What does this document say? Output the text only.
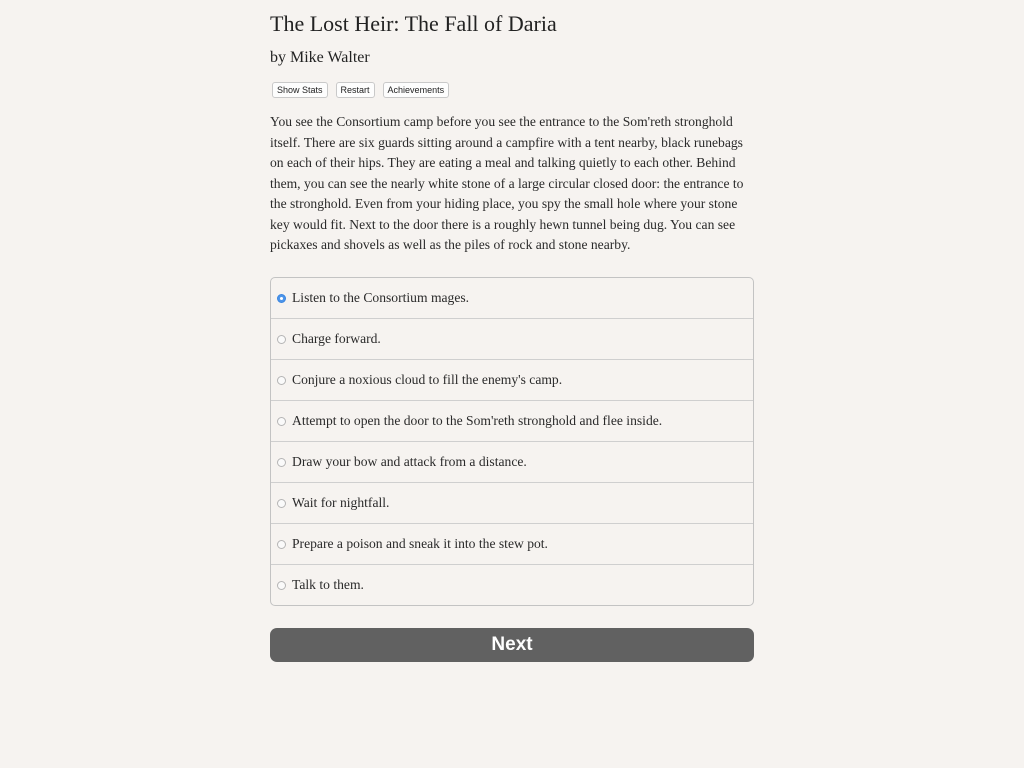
The Lost Heir: The Fall of Daria
by Mike Walter
Show Stats	Restart	Achievements

You see the Consortium camp before you see the entrance to the Som'reth stronghold itself. There are six guards sitting around a campfire with a tent nearby, black runebags on each of their hips. They are eating a meal and talking quietly to each other. Behind them, you can see the nearly white stone of a large circular closed door: the entrance to the stronghold. Even from your hiding place, you spy the small hole where your stone key would fit. Next to the door there is a roughly hewn tunnel being dug. You can see pickaxes and shovels as well as the piles of rock and stone nearby.

Listen to the Consortium mages.
Charge forward.
Conjure a noxious cloud to fill the enemy's camp.
Attempt to open the door to the Som'reth stronghold and flee inside.
Draw your bow and attack from a distance.
Wait for nightfall.
Prepare a poison and sneak it into the stew pot.
Talk to them.
Next
